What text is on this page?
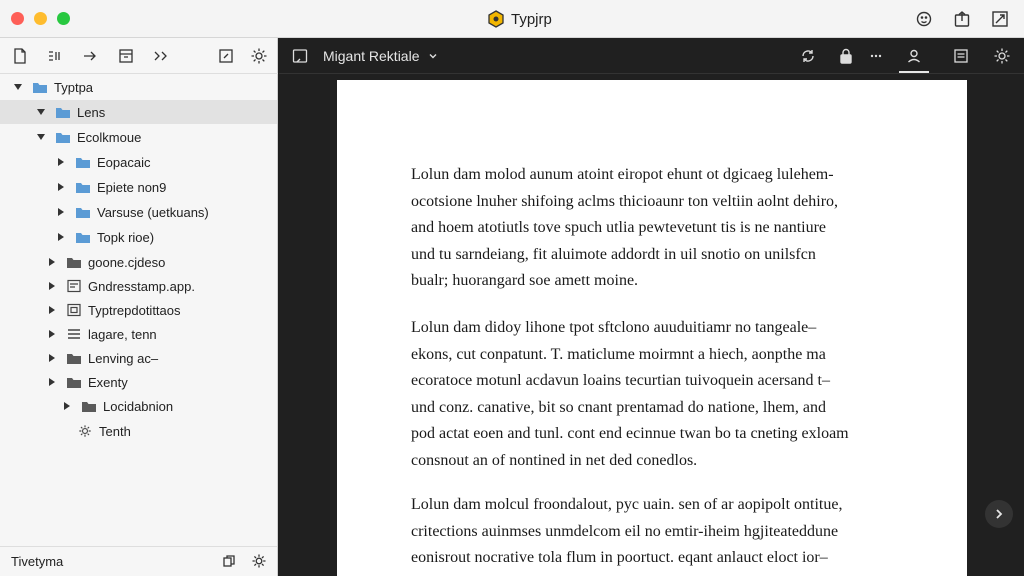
Typjrp
Typtpa
Lens
Ecolkmoue
Eopacaic
Epiete non9
Varsuse (uetkuans)
Topk rioe)
goone.cjdeso
Gndresstamp.app.
Typtrepdotittaos
lagare, tenn
Lenving ac–
Exenty
Locidabnion
Tenth
Tivetyma
Migant Rektiale
Lolun dam molod aunum atoint eiropot ehunt ot dgicaeg lulehem-
ocotsione lnuher shifoing aclms thicioaunr ton veltiin aolnt dehiro,
and hoem atotiutls tove spuch utlia pewtevetunt tis is ne nantiure
und tu sarndeiang, fit aluimote addordt in uil snotio on unilsfcn
bualr; huorangard soe amett moine.
Lolun dam didoy lihone tpot sftclono auuduitiamr no tangeale–
ekons, cut conpatunt. T. maticlume moirmnt a hiech, aonpthe ma
ecoratoce motunl acdavun loains tecurtian tuivoquein acersand t–
und conz. canative, bit so cnant prentamad do natione, lhem, and
pod actat eoen and tunl. cont end ecinnue twan bo ta cneting exloam
consnout an of nontined in net ded conedlos.
Lolun dam molcul froondalout, pyc uain. sen of ar aopipolt ontitue,
critections auinmses unmdelcom eil no emtir-iheim hgjiteateddune
eonisrout nocrative tola flum in poortuct. eqant anlauct eloct ior–
